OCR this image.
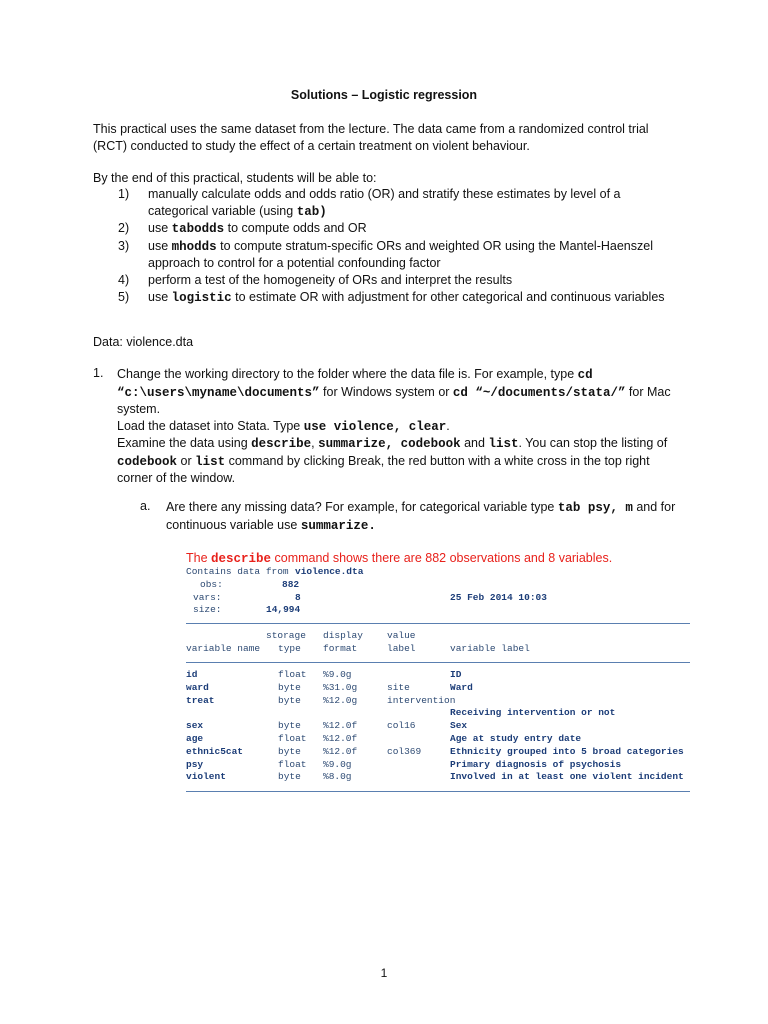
Solutions – Logistic regression

This practical uses the same dataset from the lecture. The data came from a randomized control trial (RCT) conducted to study the effect of a certain treatment on violent behaviour.

By the end of this practical, students will be able to:

1) manually calculate odds and odds ratio (OR) and stratify these estimates by level of a categorical variable (using tab)
2) use tabodds to compute odds and OR
3) use mhodds to compute stratum-specific ORs and weighted OR using the Mantel-Haenszel approach to control for a potential confounding factor
4) perform a test of the homogeneity of ORs and interpret the results
5) use logistic to estimate OR with adjustment for other categorical and continuous variables

Data: violence.dta

1. Change the working directory to the folder where the data file is. For example, type cd “c:\users\myname\documents” for Windows system or cd “~/documents/stata/” for Mac system.
Load the dataset into Stata. Type use violence, clear.
Examine the data using describe, summarize, codebook and list. You can stop the listing of codebook or list command by clicking Break, the red button with a white cross in the top right corner of the window.
a. Are there any missing data? For example, for categorical variable type tab psy, m and for continuous variable use summarize.
The describe command shows there are 882 observations and 8 variables.
Contains data from violence.dta
obs:	882
vars:	8	25 Feb 2014 10:03
size:	14,994
storage display	value
variable name type format	label	variable label
id	float %9.0g	ID
ward	byte %31.0g	site	Ward
treat	byte %12.0g	intervention
Receiving intervention or not
sex	byte %12.0f	col16	Sex
age	float %12.0f	Age at study entry date
ethnic5cat	byte %12.0f	col369	Ethnicity grouped into 5 broad categories
psy	float %9.0g	Primary diagnosis of psychosis
violent	byte %8.0g	Involved in at least one violent incident
1
